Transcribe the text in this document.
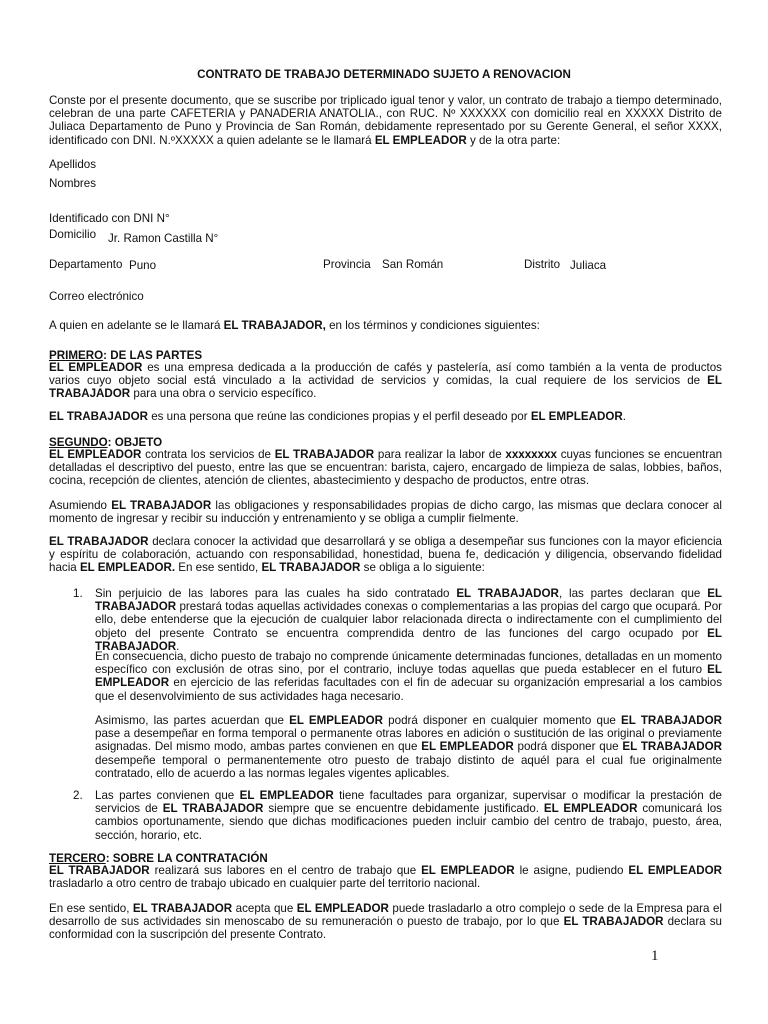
CONTRATO DE TRABAJO DETERMINADO SUJETO A RENOVACION
Conste por el presente documento, que se suscribe por triplicado igual tenor y valor, un contrato de trabajo a tiempo determinado, celebran de una parte CAFETERIA y PANADERIA ANATOLIA., con RUC. Nº XXXXXX con domicilio real en XXXXX Distrito de Juliaca Departamento de Puno y Provincia de San Román, debidamente representado por su Gerente General, el señor XXXX, identificado con DNI. N.ºXXXXX a quien adelante se le llamará EL EMPLEADOR y de la otra parte:
Apellidos
Nombres
Identificado con DNI N°
Domicilio Jr. Ramon Castilla N°
Departamento Puno	Provincia San Román	Distrito Juliaca
Correo electrónico
A quien en adelante se le llamará EL TRABAJADOR, en los términos y condiciones siguientes:
PRIMERO: DE LAS PARTES
EL EMPLEADOR es una empresa dedicada a la producción de cafés y pastelería, así como también a la venta de productos varios cuyo objeto social está vinculado a la actividad de servicios y comidas, la cual requiere de los servicios de EL TRABAJADOR para una obra o servicio específico.
EL TRABAJADOR es una persona que reúne las condiciones propias y el perfil deseado por EL EMPLEADOR.
SEGUNDO: OBJETO
EL EMPLEADOR contrata los servicios de EL TRABAJADOR para realizar la labor de xxxxxxxx cuyas funciones se encuentran detalladas el descriptivo del puesto, entre las que se encuentran: barista, cajero, encargado de limpieza de salas, lobbies, baños, cocina, recepción de clientes, atención de clientes, abastecimiento y despacho de productos, entre otras.
Asumiendo EL TRABAJADOR las obligaciones y responsabilidades propias de dicho cargo, las mismas que declara conocer al momento de ingresar y recibir su inducción y entrenamiento y se obliga a cumplir fielmente.
EL TRABAJADOR declara conocer la actividad que desarrollará y se obliga a desempeñar sus funciones con la mayor eficiencia y espíritu de colaboración, actuando con responsabilidad, honestidad, buena fe, dedicación y diligencia, observando fidelidad hacia EL EMPLEADOR. En ese sentido, EL TRABAJADOR se obliga a lo siguiente:
1. Sin perjuicio de las labores para las cuales ha sido contratado EL TRABAJADOR, las partes declaran que EL TRABAJADOR prestará todas aquellas actividades conexas o complementarias a las propias del cargo que ocupará. Por ello, debe entenderse que la ejecución de cualquier labor relacionada directa o indirectamente con el cumplimiento del objeto del presente Contrato se encuentra comprendida dentro de las funciones del cargo ocupado por EL TRABAJADOR.
En consecuencia, dicho puesto de trabajo no comprende únicamente determinadas funciones, detalladas en un momento específico con exclusión de otras sino, por el contrario, incluye todas aquellas que pueda establecer en el futuro EL EMPLEADOR en ejercicio de las referidas facultades con el fin de adecuar su organización empresarial a los cambios que el desenvolvimiento de sus actividades haga necesario.
Asimismo, las partes acuerdan que EL EMPLEADOR podrá disponer en cualquier momento que EL TRABAJADOR pase a desempeñar en forma temporal o permanente otras labores en adición o sustitución de las original o previamente asignadas. Del mismo modo, ambas partes convienen en que EL EMPLEADOR podrá disponer que EL TRABAJADOR desempeñe temporal o permanentemente otro puesto de trabajo distinto de aquél para el cual fue originalmente contratado, ello de acuerdo a las normas legales vigentes aplicables.
2. Las partes convienen que EL EMPLEADOR tiene facultades para organizar, supervisar o modificar la prestación de servicios de EL TRABAJADOR siempre que se encuentre debidamente justificado. EL EMPLEADOR comunicará los cambios oportunamente, siendo que dichas modificaciones pueden incluir cambio del centro de trabajo, puesto, área, sección, horario, etc.
TERCERO: SOBRE LA CONTRATACIÓN
EL TRABAJADOR realizará sus labores en el centro de trabajo que EL EMPLEADOR le asigne, pudiendo EL EMPLEADOR trasladarlo a otro centro de trabajo ubicado en cualquier parte del territorio nacional.
En ese sentido, EL TRABAJADOR acepta que EL EMPLEADOR puede trasladarlo a otro complejo o sede de la Empresa para el desarrollo de sus actividades sin menoscabo de su remuneración o puesto de trabajo, por lo que EL TRABAJADOR declara su conformidad con la suscripción del presente Contrato.
1
